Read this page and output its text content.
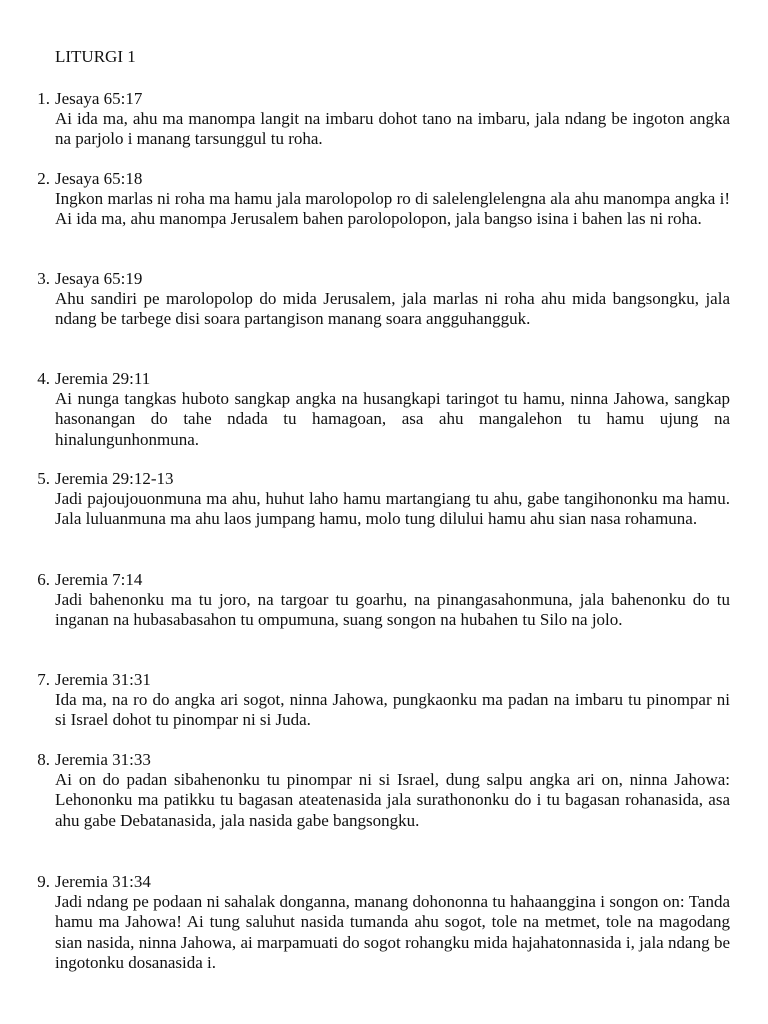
LITURGI 1
1. Jesaya 65:17

Ai ida ma, ahu ma manompa langit na imbaru dohot tano na imbaru, jala ndang be ingoton angka na parjolo i manang tarsunggul tu roha.

2. Jesaya 65:18

Ingkon marlas ni roha ma hamu jala marolopolop ro di salelenglelengna ala ahu manompa angka i! Ai ida ma, ahu manompa Jerusalem bahen parolopolopon, jala bangso isina i bahen las ni roha.

3. Jesaya 65:19

Ahu sandiri pe marolopolop do mida Jerusalem, jala marlas ni roha ahu mida bangsongku, jala ndang be tarbege disi soara partangison manang soara angguhangguk.

4. Jeremia 29:11

Ai nunga tangkas huboto sangkap angka na husangkapi taringot tu hamu, ninna Jahowa, sangkap hasonangan do tahe ndada tu hamagoan, asa ahu mangalehon tu hamu ujung na hinalungunhonmuna.

5. Jeremia 29:12-13

Jadi pajoujouonmuna ma ahu, huhut laho hamu martangiang tu ahu, gabe tangihononku ma hamu. Jala luluanmuna ma ahu laos jumpang hamu, molo tung dilului hamu ahu sian nasa rohamuna.

6. Jeremia 7:14

Jadi bahenonku ma tu joro, na targoar tu goarhu, na pinangasahonmuna, jala bahenonku do tu inganan na hubasabasahon tu ompumuna, suang songon na hubahen tu Silo na jolo.

7. Jeremia 31:31

Ida ma, na ro do angka ari sogot, ninna Jahowa, pungkaonku ma padan na imbaru tu pinompar ni si Israel dohot tu pinompar ni si Juda.

8. Jeremia 31:33

Ai on do padan sibahenonku tu pinompar ni si Israel, dung salpu angka ari on, ninna Jahowa: Lehononku ma patikku tu bagasan ateatenasida jala surathononku do i tu bagasan rohanasida, asa ahu gabe Debatanasida, jala nasida gabe bangsongku.

9. Jeremia 31:34

Jadi ndang pe podaan ni sahalak donganna, manang dohononna tu hahaanggina i songon on: Tanda hamu ma Jahowa! Ai tung saluhut nasida tumanda ahu sogot, tole na metmet, tole na magodang sian nasida, ninna Jahowa, ai marpamuati do sogot rohangku mida hajahatonnasida i, jala ndang be ingotonku dosanasida i.
